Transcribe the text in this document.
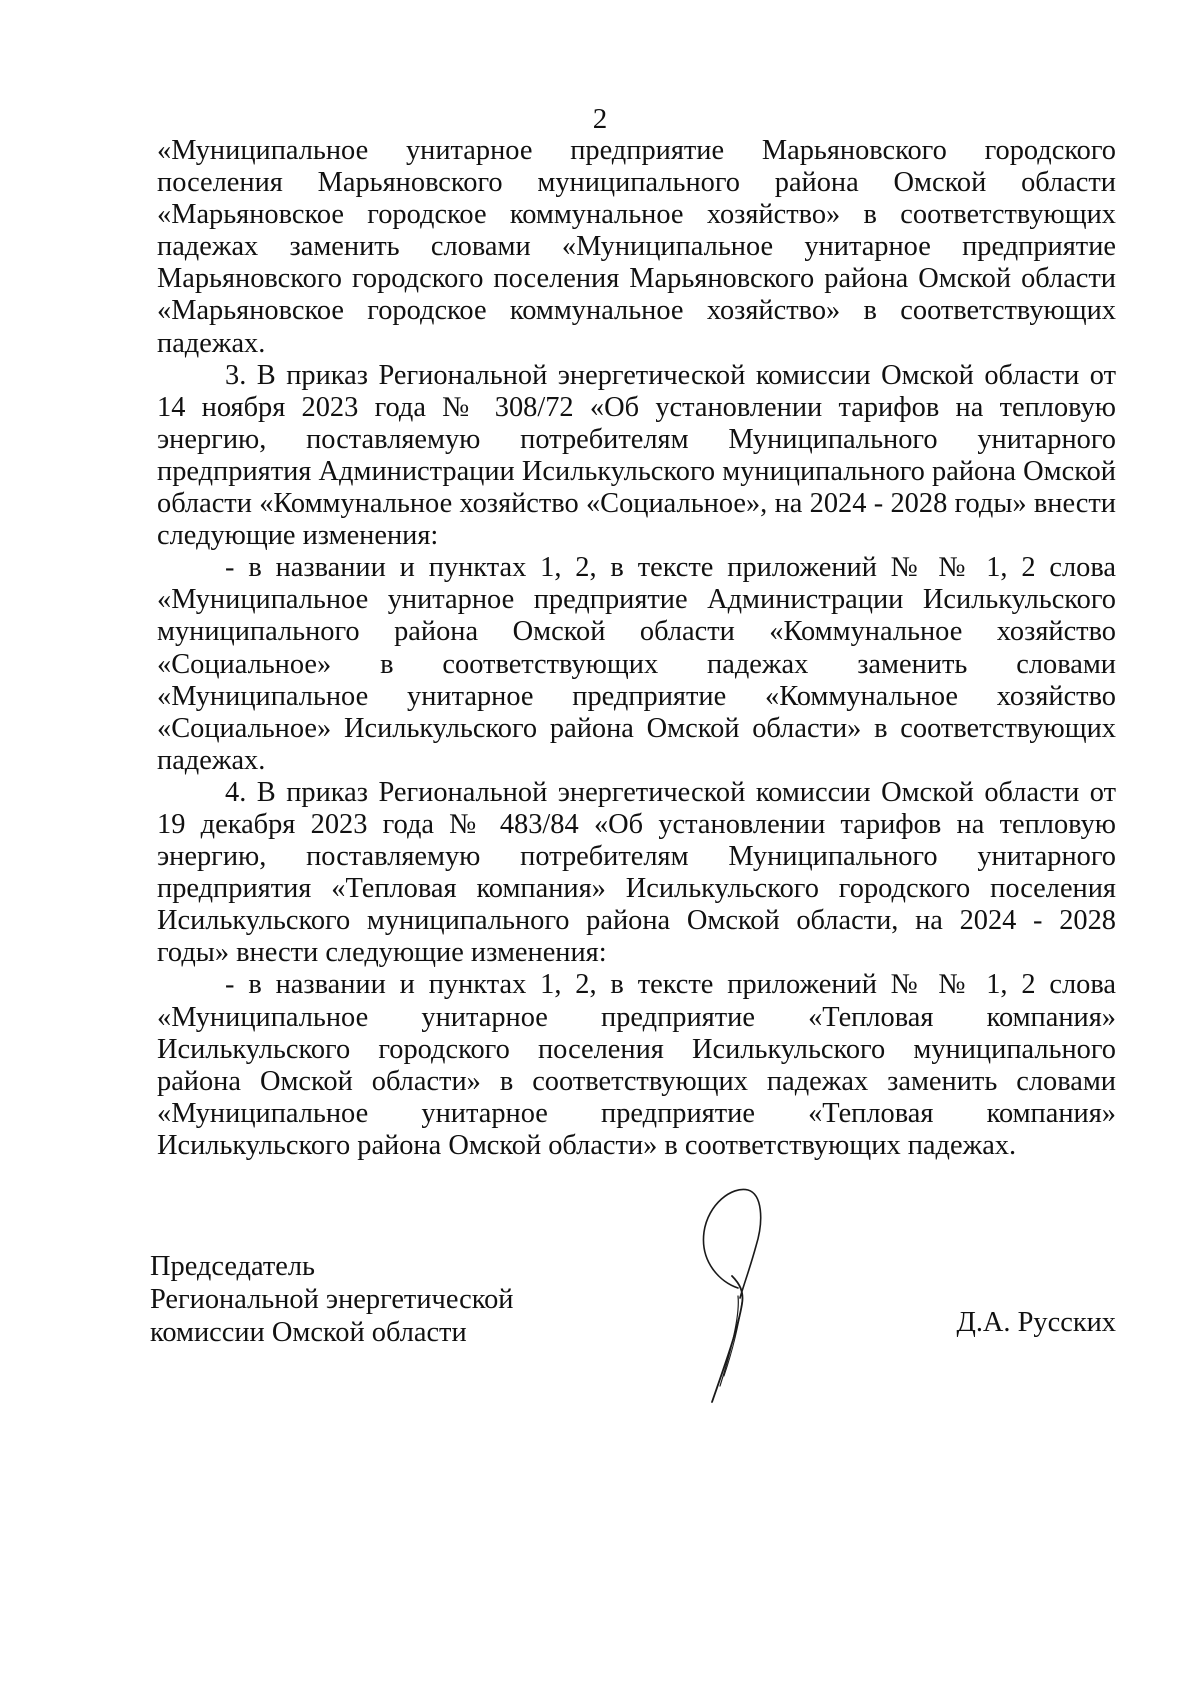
2

«Муниципальное унитарное предприятие Марьяновского городского поселения Марьяновского муниципального района Омской области «Марьяновское городское коммунальное хозяйство» в соответствующих падежах заменить словами «Муниципальное унитарное предприятие Марьяновского городского поселения Марьяновского района Омской области «Марьяновское городское коммунальное хозяйство» в соответствующих падежах.

3. В приказ Региональной энергетической комиссии Омской области от 14 ноября 2023 года № 308/72 «Об установлении тарифов на тепловую энергию, поставляемую потребителям Муниципального унитарного предприятия Администрации Исилькульского муниципального района Омской области «Коммунальное хозяйство «Социальное», на 2024 - 2028 годы» внести следующие изменения:

- в названии и пунктах 1, 2, в тексте приложений № № 1, 2 слова «Муниципальное унитарное предприятие Администрации Исилькульского муниципального района Омской области «Коммунальное хозяйство «Социальное» в соответствующих падежах заменить словами «Муниципальное унитарное предприятие «Коммунальное хозяйство «Социальное» Исилькульского района Омской области» в соответствующих падежах.

4. В приказ Региональной энергетической комиссии Омской области от 19 декабря 2023 года № 483/84 «Об установлении тарифов на тепловую энергию, поставляемую потребителям Муниципального унитарного предприятия «Тепловая компания» Исилькульского городского поселения Исилькульского муниципального района Омской области, на 2024 - 2028 годы» внести следующие изменения:

- в названии и пунктах 1, 2, в тексте приложений № № 1, 2 слова «Муниципальное унитарное предприятие «Тепловая компания» Исилькульского городского поселения Исилькульского муниципального района Омской области» в соответствующих падежах заменить словами «Муниципальное унитарное предприятие «Тепловая компания» Исилькульского района Омской области» в соответствующих падежах.

Председатель
Региональной энергетической
комиссии Омской области	Д.А. Русских
